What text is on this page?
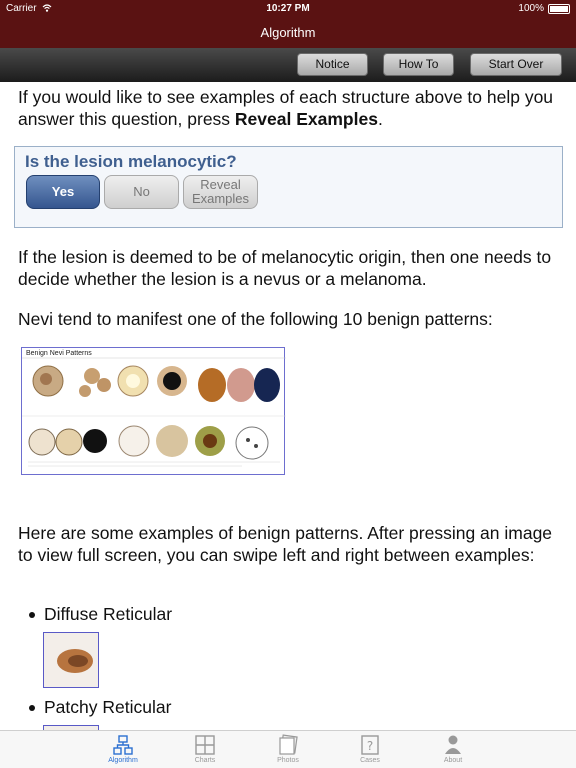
Carrier	10:27 PM	100%
Algorithm
Notice	How To	Start Over
If you would like to see examples of each structure above to help you answer this question, press Reveal Examples.
Is the lesion melanocytic?
Yes	No	Reveal
Examples
If the lesion is deemed to be of melanocytic origin, then one needs to decide whether the lesion is a nevus or a melanoma.
Nevi tend to manifest one of the following 10 benign patterns:
Benign Nevi Patterns
Here are some examples of benign patterns. After pressing an image to view full screen, you can swipe left and right between examples:
Diffuse Reticular
Patchy Reticular
Algorithm	Charts	Photos
?
Cases	About
